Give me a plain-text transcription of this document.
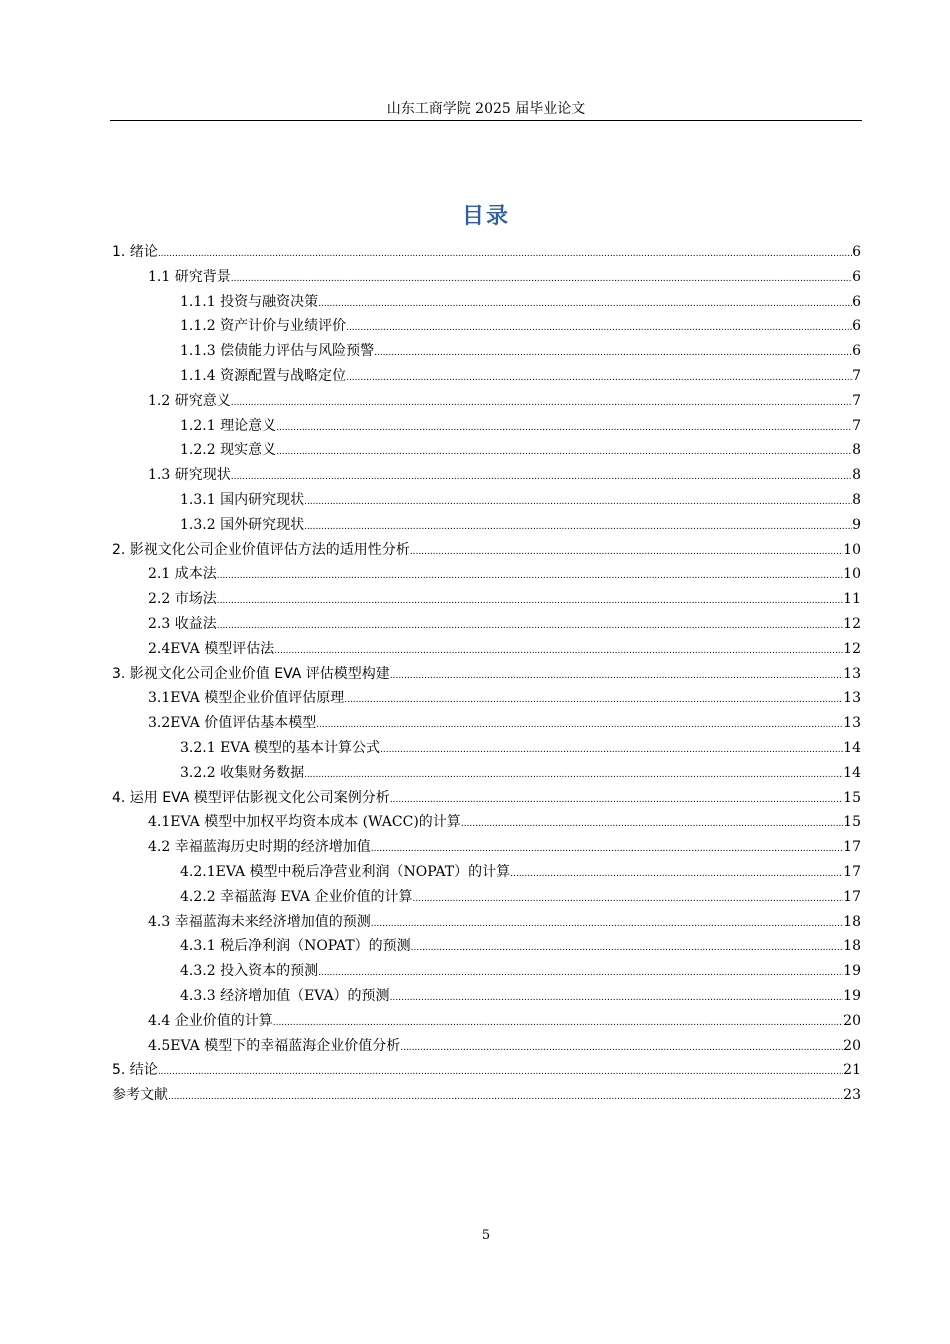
山东工商学院 2025 届毕业论文
目录
1. 绪论 .....	6
1.1 研究背景 .....	6
1.1.1 投资与融资决策 .....	6
1.1.2 资产计价与业绩评价 .....	6
1.1.3 偿债能力评估与风险预警 .....	6
1.1.4 资源配置与战略定位 .....	7
1.2 研究意义 .....	7
1.2.1 理论意义 .....	7
1.2.2 现实意义 .....	8
1.3 研究现状 .....	8
1.3.1 国内研究现状 .....	8
1.3.2 国外研究现状 .....	9
2. 影视文化公司企业价值评估方法的适用性分析 .....	10
2.1 成本法 .....	10
2.2 市场法 .....	11
2.3 收益法 .....	12
2.4EVA 模型评估法 .....	12
3. 影视文化公司企业价值 EVA 评估模型构建 .....	13
3.1EVA 模型企业价值评估原理 .....	13
3.2EVA 价值评估基本模型 .....	13
3.2.1 EVA 模型的基本计算公式 .....	14
3.2.2 收集财务数据 .....	14
4. 运用 EVA 模型评估影视文化公司案例分析 .....	15
4.1EVA 模型中加权平均资本成本 (WACC)的计算 .....	15
4.2 幸福蓝海历史时期的经济增加值 .....	17
4.2.1EVA 模型中税后净营业利润（NOPAT）的计算 .....	17
4.2.2 幸福蓝海 EVA 企业价值的计算 .....	17
4.3 幸福蓝海未来经济增加值的预测 .....	18
4.3.1 税后净利润（NOPAT）的预测 .....	18
4.3.2 投入资本的预测 .....	19
4.3.3 经济增加值（EVA）的预测 .....	19
4.4 企业价值的计算 .....	20
4.5EVA 模型下的幸福蓝海企业价值分析 .....	20
5. 结论 .....	21
参考文献 .....	23
5
